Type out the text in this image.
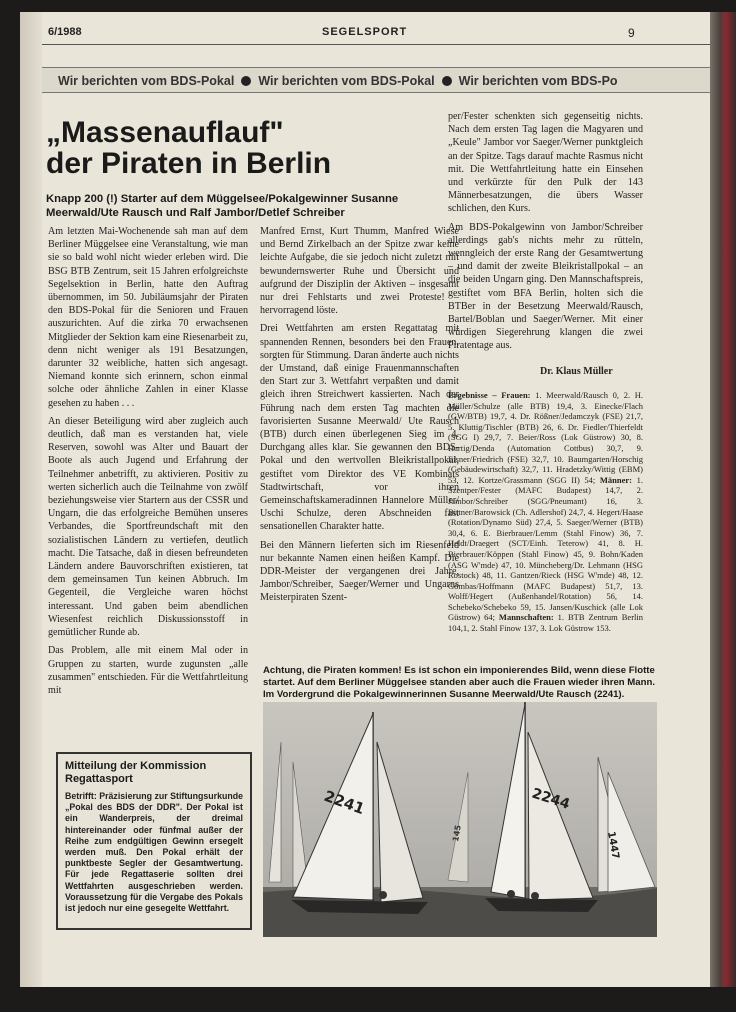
6/1988	SEGELSPORT	9
Wir berichten vom BDS-Pokal Wir berichten vom BDS-Pokal Wir berichten vom BDS-Po
„Massenauflauf"
der Piraten in Berlin
Knapp 200 (!) Starter auf dem Müggelsee/Pokalgewinner Susanne Meerwald/Ute Rausch und Ralf Jambor/Detlef Schreiber

Am letzten Mai-Wochenende sah man auf dem Berliner Müggelsee eine Veranstaltung, wie man sie so bald wohl nicht wieder erleben wird. Die BSG BTB Zentrum, seit 15 Jahren erfolgreichste Segelsektion in Berlin, hatte den Auftrag übernommen, im 50. Jubiläumsjahr der Piraten den BDS-Pokal für die Senioren und Frauen auszurichten. Auf die zirka 70 erwachsenen Mitglieder der Sektion kam eine Riesenarbeit zu, denn nicht weniger als 191 Besatzungen, darunter 32 weibliche, hatten sich angesagt. Niemand konnte sich erinnern, schon einmal solche oder ähnliche Zahlen in einer Klasse gesehen zu haben . . .

An dieser Beteiligung wird aber zugleich auch deutlich, daß man es verstanden hat, viele Reserven, sowohl was Alter und Bauart der Boote als auch Jugend und Erfahrung der Teilnehmer anbetrifft, zu aktivieren. Positiv zu werten sicherlich auch die Teilnahme von zwölf beziehungsweise vier Startern aus der CSSR und Ungarn, die das erfolgreiche Bemühen unseres Verbandes, die Sportfreundschaft mit den sozialistischen Ländern zu vertiefen, deutlich macht. Die Tatsache, daß in diesen befreundeten Ländern andere Bauvorschriften existieren, tat dem gemeinsamen Tun keinen Abbruch. Im Gegenteil, die Vergleiche waren höchst interessant. Und gaben beim abendlichen Wiesenfest reichlich Diskussionsstoff in gemütlicher Runde ab.

Das Problem, alle mit einem Mal oder in Gruppen zu starten, wurde zugunsten „alle zusammen" entschieden. Für die Wettfahrtleitung mit

Manfred Ernst, Kurt Thumm, Manfred Wiese und Bernd Zirkelbach an der Spitze zwar keine leichte Aufgabe, die sie jedoch nicht zuletzt mit bewundernswerter Ruhe und Übersicht und aufgrund der Disziplin der Aktiven – insgesamt nur drei Fehlstarts und zwei Proteste! – hervorragend löste.

Drei Wettfahrten am ersten Regattatag mit spannenden Rennen, besonders bei den Frauen, sorgten für Stimmung. Daran änderte auch nichts der Umstand, daß einige Frauenmannschaften den Start zur 3. Wettfahrt verpaßten und damit gleich ihren Streichwert kassierten. Nach der Führung nach dem ersten Tag machten die favorisierten Susanne Meerwald/ Ute Rausch (BTB) durch einen überlegenen Sieg im 4. Durchgang alles klar. Sie gewannen den BDS-Pokal und den wertvollen Bleikristallpokal, gestiftet vom Direktor des VE Kombinats Stadtwirtschaft, vor ihren Gemeinschaftskameradinnen Hannelore Müller/ Uschi Schulze, deren Abschneiden fast sensationellen Charakter hatte.

Bei den Männern lieferten sich im Riesenfeld nur bekannte Namen einen heißen Kampf. Die DDR-Meister der vergangenen drei Jahre, Jambor/Schreiber, Saeger/Werner und Ungarns Meisterpiraten Szent-

per/Fester schenkten sich gegenseitig nichts. Nach dem ersten Tag lagen die Magyaren und „Keule" Jambor vor Saeger/Werner punktgleich an der Spitze. Tags darauf machte Rasmus nicht mit. Die Wettfahrtleitung hatte ein Einsehen und verkürzte für den Pulk der 143 Männerbesatzungen, die übers Wasser schlichen, den Kurs.

Am BDS-Pokalgewinn von Jambor/Schreiber allerdings gab's nichts mehr zu rütteln, wenngleich der erste Rang der Gesamtwertung – und damit der zweite Bleikristallpokal – an die beiden Ungarn ging. Den Mannschaftspreis, gestiftet vom BFA Berlin, holten sich die BTBer in der Besetzung Meerwald/Rausch, Bartel/Boblan und Saeger/Werner. Mit einer würdigen Siegerehrung klangen die zwei Piratentage aus.

Dr. Klaus Müller
Ergebnisse – Frauen: 1. Meerwald/Rausch 0, 2. H. Müller/Schulze (alle BTB) 19,4, 3. Einecke/Flach (GW/BTB) 19,7, 4. Dr. Rößner/Jedamczyk (FSE) 21,7, 5. Kluttig/Tischler (BTB) 26, 6. Dr. Fiedler/Thierfeldt (SGG I) 29,7, 7. Beier/Ross (Lok Güstrow) 30, 8. Hartig/Denda (Automation Cottbus) 30,7, 9. Eisner/Friedrich (FSE) 32,7, 10. Baumgarten/Horschig (Gebäudewirtschaft) 32,7, 11. Hradetzky/Wittig (EBM) 53, 12. Kortze/Grassmann (SGG II) 54; Männer: 1. Szentper/Fester (MAFC Budapest) 14,7, 2. Jambor/Schreiber (SGG/Pneumant) 16, 3. Bittner/Barowsick (Ch. Adlershof) 24,7, 4. Hegert/Haase (Rotation/Dynamo Süd) 27,4, 5. Saeger/Werner (BTB) 30,4, 6. E. Bierbrauer/Lemm (Stahl Finow) 36, 7. Heldt/Draegert (SCT/Einh. Teterow) 41, 8. H. Bierbrauer/Köppen (Stahl Finow) 45, 9. Bohn/Kaden (ASG W'mde) 47, 10. Müncheberg/Dr. Lehmann (HSG Rostock) 48, 11. Gantzen/Rieck (HSG W'mde) 48, 12. Gömbas/Hoffmann (MAFC Budapest) 51,7, 13. Wolff/Hegert (Außenhandel/Rotation) 56, 14. Schebeko/Schebeko 59, 15. Jansen/Kuschick (alle Lok Güstrow) 64; Mannschaften: 1. BTB Zentrum Berlin 104,1, 2. Stahl Finow 137, 3. Lok Güstrow 153.
Achtung, die Piraten kommen! Es ist schon ein imponierendes Bild, wenn diese Flotte startet. Auf dem Berliner Müggelsee standen aber auch die Frauen wieder ihren Mann. Im Vordergrund die Pokalgewinnerinnen Susanne Meerwald/Ute Rausch (2241).
Mitteilung der Kommission Regattasport
Betrifft: Präzisierung zur Stiftungsurkunde „Pokal des BDS der DDR". Der Pokal ist ein Wanderpreis, der dreimal hintereinander oder fünfmal außer der Reihe zum endgültigen Gewinn ersegelt werden muß. Den Pokal erhält der punktbeste Segler der Gesamtwertung. Für jede Regattaserie sollten drei Wettfahrten ausgeschrieben werden. Voraussetzung für die Vergabe des Pokals ist jedoch nur eine gesegelte Wettfahrt.
2241	2244
1447
145
